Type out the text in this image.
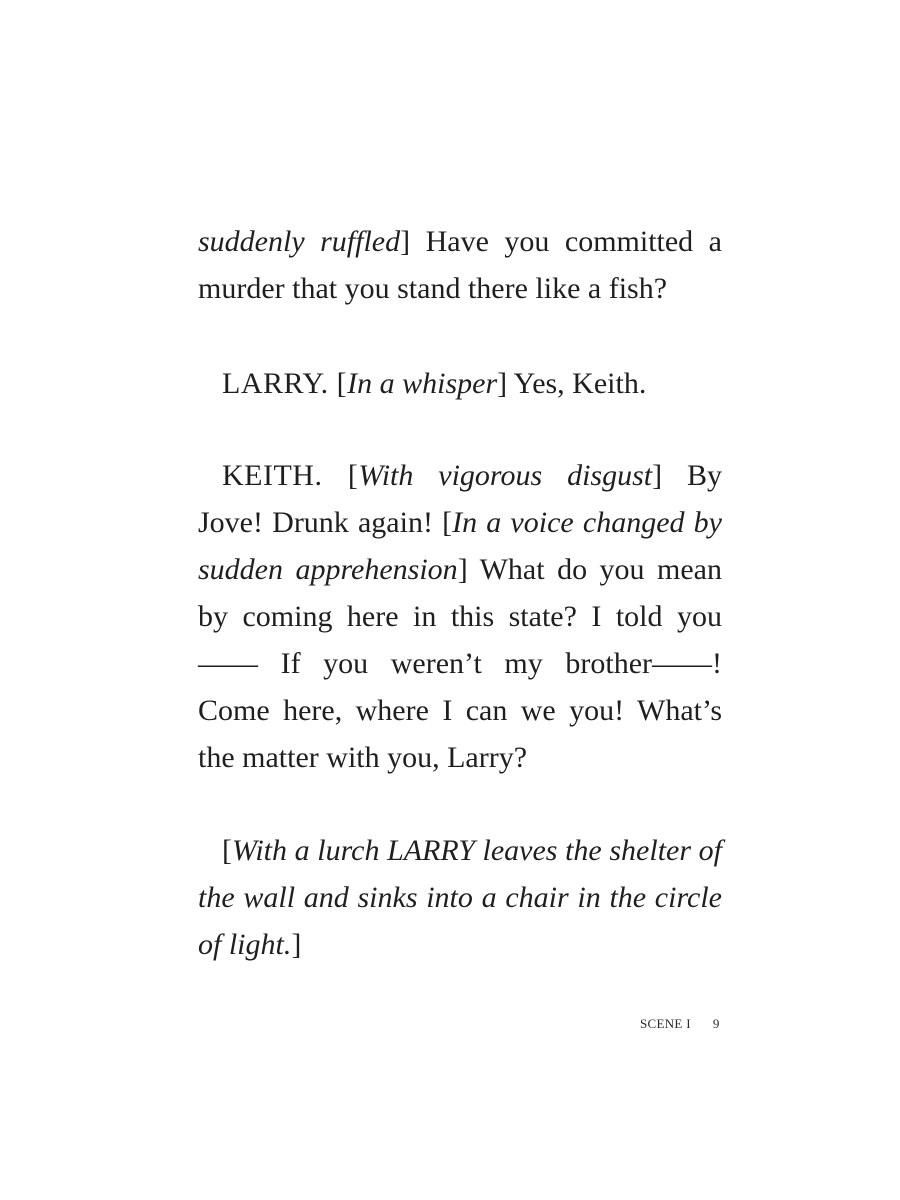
suddenly ruffled] Have you committed a murder that you stand there like a fish?

LARRY. [In a whisper] Yes, Keith.

KEITH. [With vigorous disgust] By Jove! Drunk again! [In a voice changed by sudden apprehension] What do you mean by coming here in this state? I told you—— If you weren’t my brother——! Come here, where I can we you! What’s the matter with you, Larry?

[With a lurch LARRY leaves the shelter of the wall and sinks into a chair in the circle of light.]

SCENE I 9
